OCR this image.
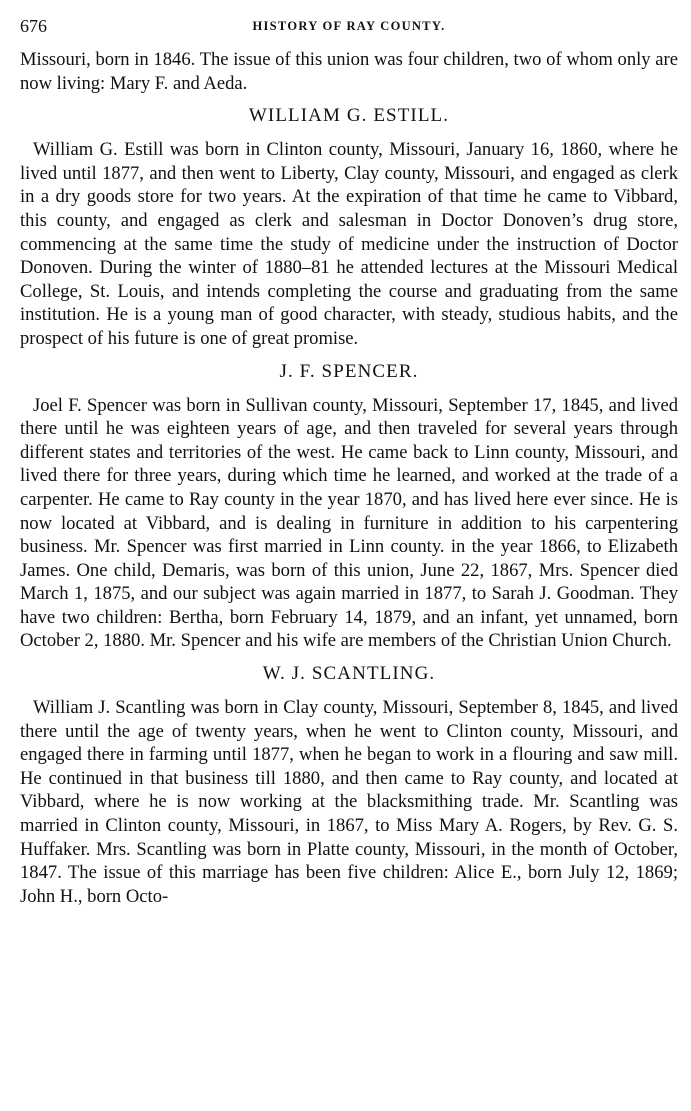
676	HISTORY OF RAY COUNTY.

Missouri, born in 1846. The issue of this union was four children, two of whom only are now living: Mary F. and Aeda.

WILLIAM G. ESTILL.

William G. Estill was born in Clinton county, Missouri, January 16, 1860, where he lived until 1877, and then went to Liberty, Clay county, Missouri, and engaged as clerk in a dry goods store for two years. At the expiration of that time he came to Vibbard, this county, and engaged as clerk and salesman in Doctor Donoven’s drug store, commencing at the same time the study of medicine under the instruction of Doctor Donoven. During the winter of 1880–81 he attended lectures at the Missouri Medical College, St. Louis, and intends completing the course and graduating from the same institution. He is a young man of good character, with steady, studious habits, and the prospect of his future is one of great promise.

J. F. SPENCER.

Joel F. Spencer was born in Sullivan county, Missouri, September 17, 1845, and lived there until he was eighteen years of age, and then traveled for several years through different states and territories of the west. He came back to Linn county, Missouri, and lived there for three years, during which time he learned, and worked at the trade of a carpenter. He came to Ray county in the year 1870, and has lived here ever since. He is now located at Vibbard, and is dealing in furniture in addition to his carpentering business. Mr. Spencer was first married in Linn county. in the year 1866, to Elizabeth James. One child, Demaris, was born of this union, June 22, 1867, Mrs. Spencer died March 1, 1875, and our subject was again married in 1877, to Sarah J. Goodman. They have two children: Bertha, born February 14, 1879, and an infant, yet unnamed, born October 2, 1880. Mr. Spencer and his wife are members of the Christian Union Church.

W. J. SCANTLING.

William J. Scantling was born in Clay county, Missouri, September 8, 1845, and lived there until the age of twenty years, when he went to Clinton county, Missouri, and engaged there in farming until 1877, when he began to work in a flouring and saw mill. He continued in that business till 1880, and then came to Ray county, and located at Vibbard, where he is now working at the blacksmithing trade. Mr. Scantling was married in Clinton county, Missouri, in 1867, to Miss Mary A. Rogers, by Rev. G. S. Huffaker. Mrs. Scantling was born in Platte county, Missouri, in the month of October, 1847. The issue of this marriage has been five children: Alice E., born July 12, 1869; John H., born Octo-
